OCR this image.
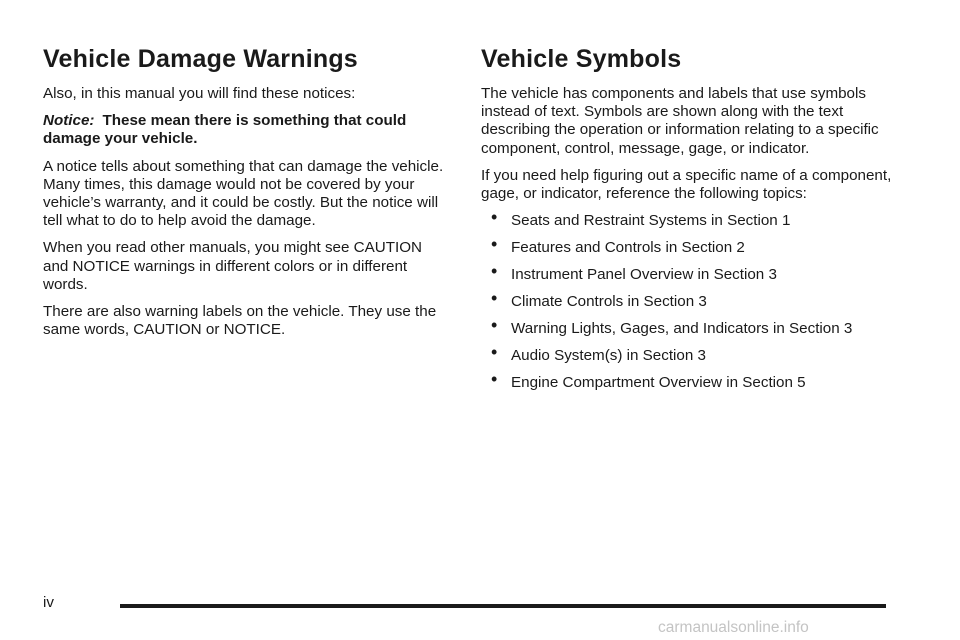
Vehicle Damage Warnings

Also, in this manual you will find these notices:

Notice: These mean there is something that could damage your vehicle.

A notice tells about something that can damage the vehicle. Many times, this damage would not be covered by your vehicle’s warranty, and it could be costly. But the notice will tell what to do to help avoid the damage.

When you read other manuals, you might see CAUTION and NOTICE warnings in different colors or in different words.

There are also warning labels on the vehicle. They use the same words, CAUTION or NOTICE.

Vehicle Symbols

The vehicle has components and labels that use symbols instead of text. Symbols are shown along with the text describing the operation or information relating to a specific component, control, message, gage, or indicator.

If you need help figuring out a specific name of a component, gage, or indicator, reference the following topics:

• Seats and Restraint Systems in Section 1
• Features and Controls in Section 2
• Instrument Panel Overview in Section 3
• Climate Controls in Section 3
• Warning Lights, Gages, and Indicators in Section 3
• Audio System(s) in Section 3
• Engine Compartment Overview in Section 5
iv
carmanualsonline.info
